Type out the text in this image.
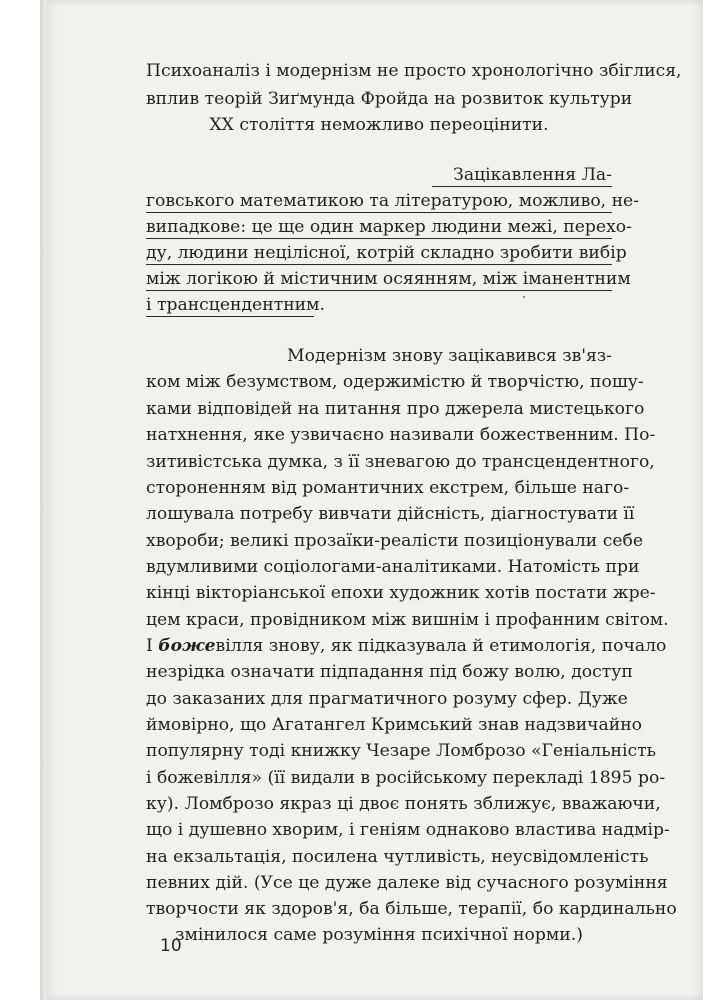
Психоаналіз і модернізм не просто хронологічно збіглися,
вплив теорій Зиґмунда Фройда на розвиток культури
ХХ століття неможливо переоцінити.
Зацікавлення Ла-
говського математикою та літературою, можливо, не-
випадкове: це ще один маркер людини межі, перехо-
ду, людини нецілісної, котрій складно зробити вибір
між логікою й містичним осяянням, між іманентним
і трансцендентним.
Модернізм знову зацікавився зв'яз-
ком між безумством, одержимістю й творчістю, пошу-
ками відповідей на питання про джерела мистецького
натхнення, яке узвичаєно називали божественним. По-
зитивістська думка, з її зневагою до трансцендентного,
стороненням від романтичних екстрем, більше наго-
лошувала потребу вивчати дійсність, діагностувати її
хвороби; великі прозаїки-реалісти позиціонували себе
вдумливими соціологами-аналітиками. Натомість при
кінці вікторіанської епохи художник хотів постати жре-
цем краси, провідником між вишнім і профанним світом.
І божевілля знову, як підказувала й етимологія, почало
незрідка означати підпадання під божу волю, доступ
до заказаних для прагматичного розуму сфер. Дуже
ймовірно, що Агатангел Кримський знав надзвичайно
популярну тоді книжку Чезаре Ломброзо «Геніальність
і божевілля» (її видали в російському перекладі 1895 ро-
ку). Ломброзо якраз ці двоє понять зближує, вважаючи,
що і душевно хворим, і геніям однаково властива надмір-
на екзальтація, посилена чутливість, неусвідомленість
певних дій. (Усе це дуже далеке від сучасного розуміння
творчости як здоров'я, ба більше, терапії, бо кардинально
змінилося саме розуміння психічної норми.)
10
